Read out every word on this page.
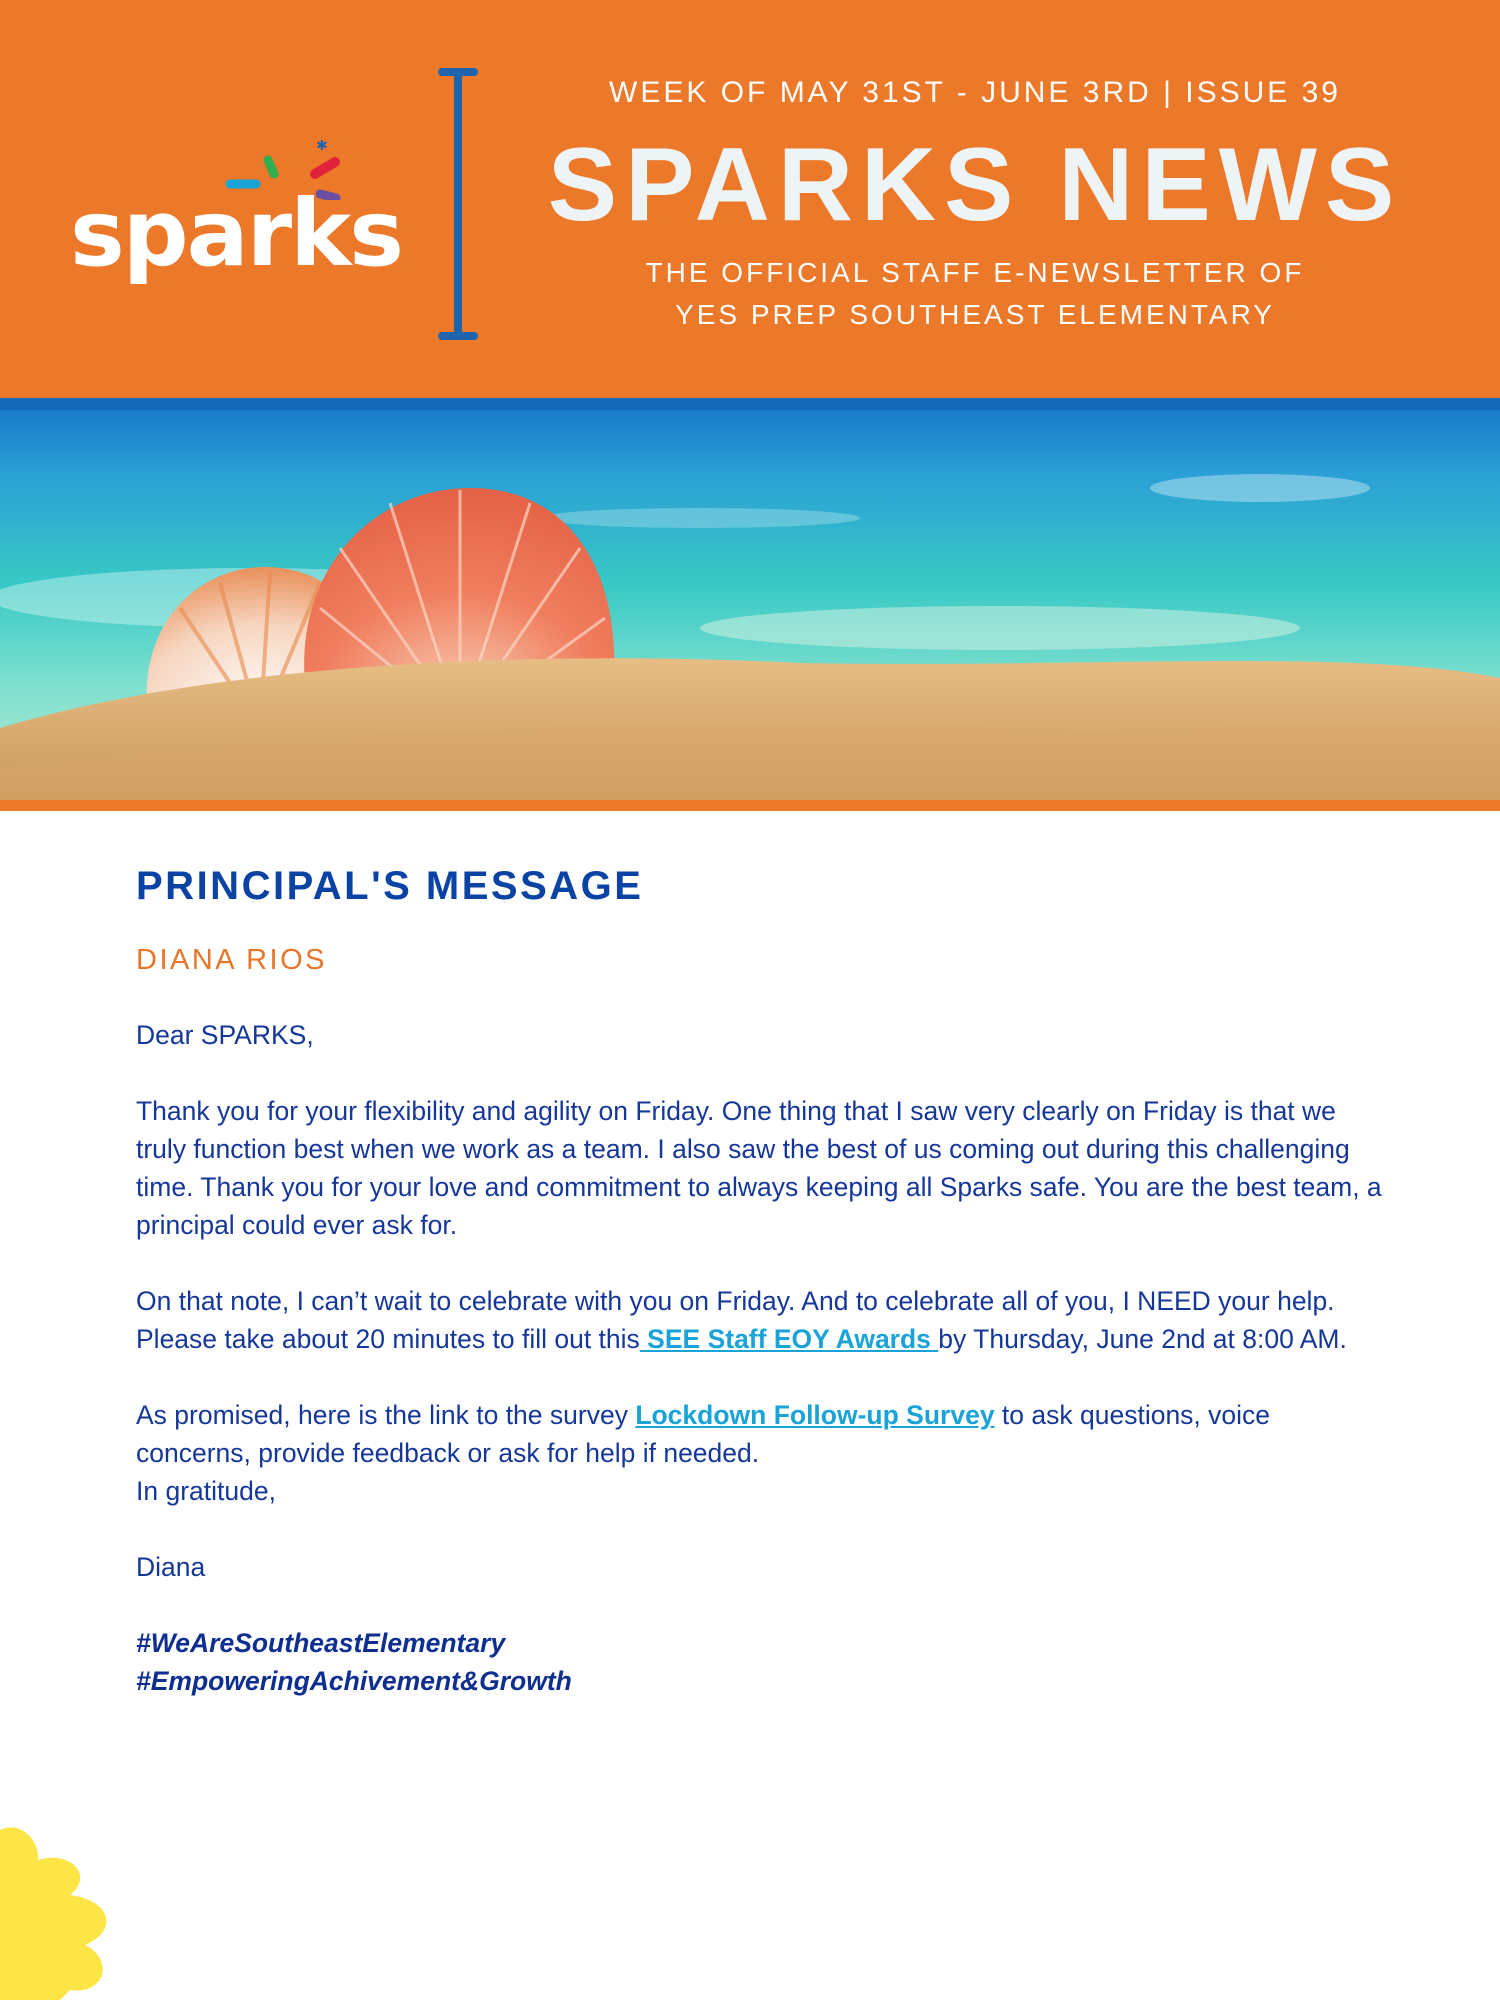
✱
sparks
WEEK OF MAY 31ST - JUNE 3RD | ISSUE 39
SPARKS NEWS
THE OFFICIAL STAFF E-NEWSLETTER OF
YES PREP SOUTHEAST ELEMENTARY
PRINCIPAL'S MESSAGE
DIANA RIOS

Dear SPARKS,

Thank you for your flexibility and agility on Friday. One thing that I saw very clearly on Friday is that we truly function best when we work as a team. I also saw the best of us coming out during this challenging time. Thank you for your love and commitment to always keeping all Sparks safe. You are the best team, a principal could ever ask for.

On that note, I can’t wait to celebrate with you on Friday. And to celebrate all of you, I NEED your help. Please take about 20 minutes to fill out this SEE Staff EOY Awards by Thursday, June 2nd at 8:00 AM.

As promised, here is the link to the survey Lockdown Follow-up Survey to ask questions, voice concerns, provide feedback or ask for help if needed.

In gratitude,

Diana

#WeAreSoutheastElementary
#EmpoweringAchivement&Growth
